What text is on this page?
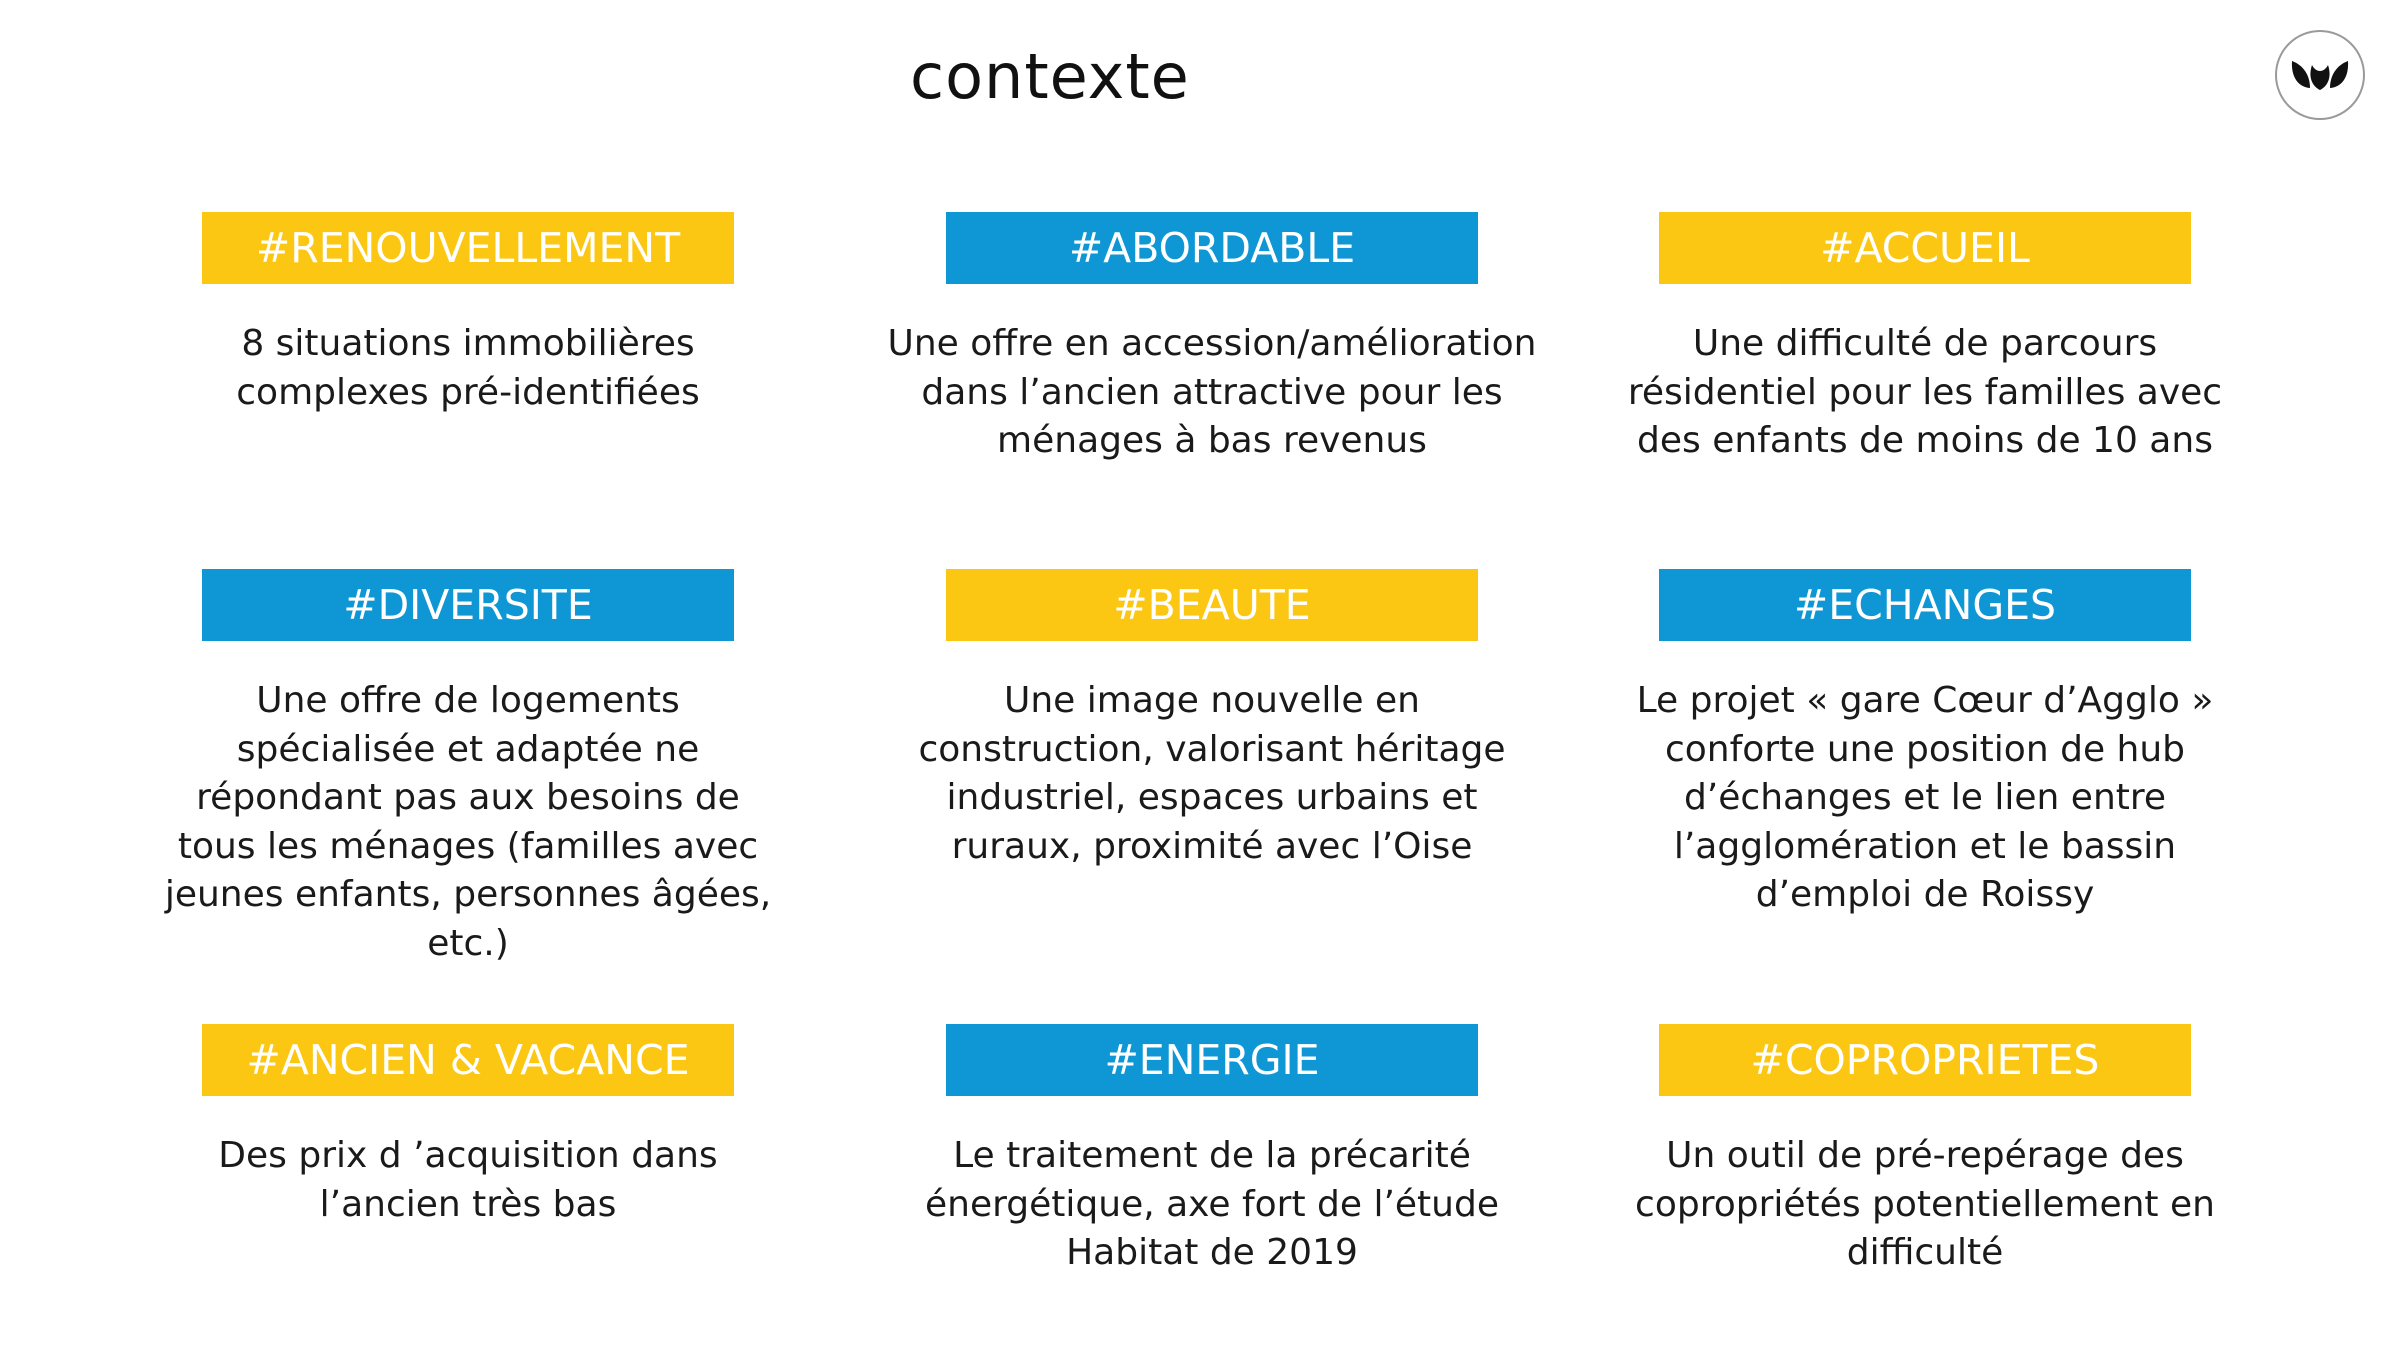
contexte
#RENOUVELLEMENT
8 situations immobilières
complexes pré-identifiées
#ABORDABLE
Une offre en accession/amélioration
dans l’ancien attractive pour les
ménages à bas revenus
#ACCUEIL
Une difficulté de parcours
résidentiel pour les familles avec
des enfants de moins de 10 ans
#DIVERSITE
Une offre de logements
spécialisée et adaptée ne
répondant pas aux besoins de
tous les ménages (familles avec
jeunes enfants, personnes âgées,
etc.)
#BEAUTE
Une image nouvelle en
construction, valorisant héritage
industriel, espaces urbains et
ruraux, proximité avec l’Oise
#ECHANGES
Le projet « gare Cœur d’Agglo »
conforte une position de hub
d’échanges et le lien entre
l’agglomération et le bassin
d’emploi de Roissy
#ANCIEN & VACANCE
Des prix d ’acquisition dans
l’ancien très bas
#ENERGIE
Le traitement de la précarité
énergétique, axe fort de l’étude
Habitat de 2019
#COPROPRIETES
Un outil de pré-repérage des
copropriétés potentiellement en
difficulté
